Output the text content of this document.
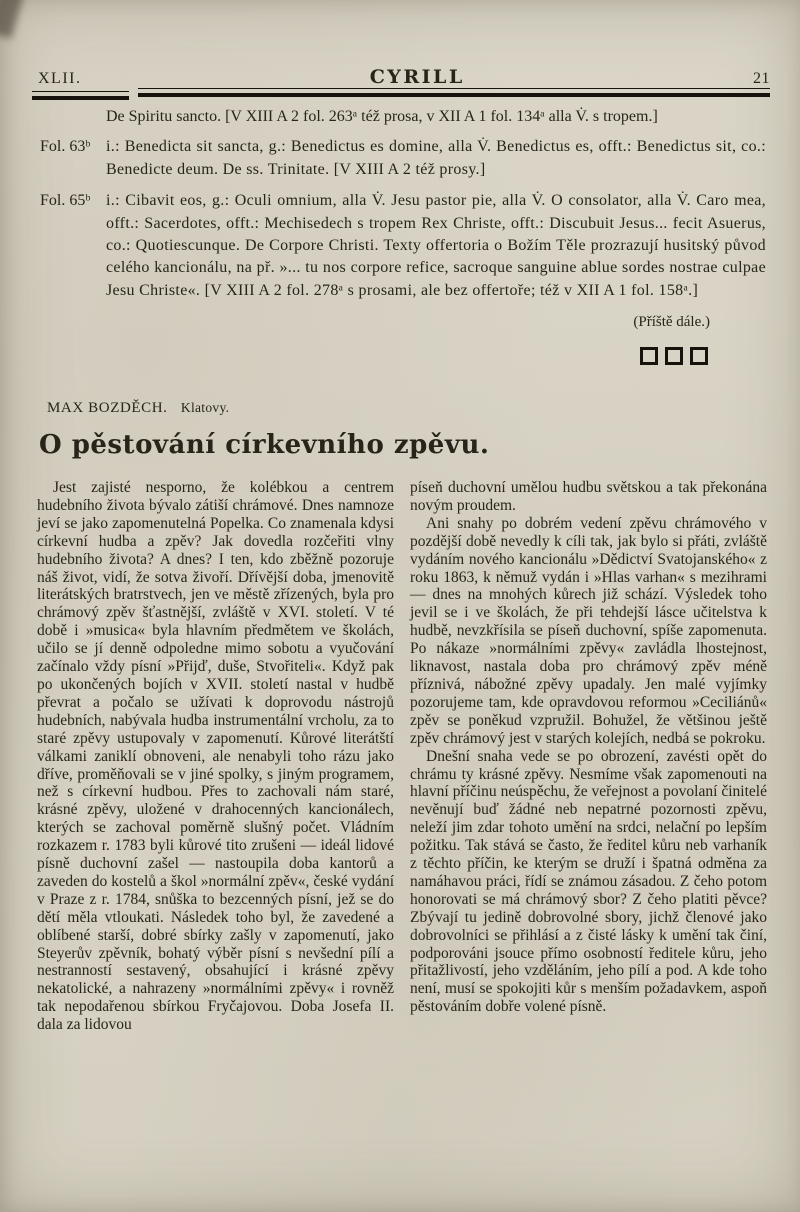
XLII.	CYRILL	21

De Spiritu sancto. [V XIII A 2 fol. 263ᵃ též prosa, v XII A 1 fol. 134ᵃ alla V̇. s tropem.]

Fol. 63ᵇ i.: Benedicta sit sancta, g.: Benedictus es domine, alla V̇. Benedictus es, offt.: Benedictus sit, co.: Benedicte deum. De ss. Trinitate. [V XIII A 2 též prosy.]

Fol. 65ᵇ i.: Cibavit eos, g.: Oculi omnium, alla V̇. Jesu pastor pie, alla V̇. O consolator, alla V̇. Caro mea, offt.: Sacerdotes, offt.: Mechisedech s tropem Rex Christe, offt.: Discubuit Jesus... fecit Asuerus, co.: Quotiescunque. De Corpore Christi. Texty offertoria o Božím Těle prozrazují husitský původ celého kancionálu, na př. »... tu nos corpore refice, sacroque sanguine ablue sordes nostrae culpae Jesu Christe«. [V XIII A 2 fol. 278ᵃ s prosami, ale bez offertoře; též v XII A 1 fol. 158ᵃ.]

(Příště dále.)
MAX BOZDĚCH. Klatovy.
O pěstování církevního zpěvu.

Jest zajisté nesporno, že kolébkou a centrem hudebního života bývalo zátiší chrámové. Dnes namnoze jeví se jako zapomenutelná Popelka. Co znamenala kdysi církevní hudba a zpěv? Jak dovedla rozčeřiti vlny hudebního života? A dnes? I ten, kdo zběžně pozoruje náš život, vidí, že sotva živoří. Dřívější doba, jmenovitě literátských bratrstvech, jen ve městě zřízených, byla pro chrámový zpěv šťastnější, zvláště v XVI. století. V té době i »musica« byla hlavním předmětem ve školách, učilo se jí denně odpoledne mimo sobotu a vyučování začínalo vždy písní »Přijď, duše, Stvořiteli«. Když pak po ukončených bojích v XVII. století nastal v hudbě převrat a počalo se užívati k doprovodu nástrojů hudebních, nabývala hudba instrumentální vrcholu, za to staré zpěvy ustupovaly v zapomenutí. Kůrové literátští válkami zaniklí obnoveni, ale nenabyli toho rázu jako dříve, proměňovali se v jiné spolky, s jiným programem, než s církevní hudbou. Přes to zachovali nám staré, krásné zpěvy, uložené v drahocenných kancionálech, kterých se zachoval poměrně slušný počet. Vládním rozkazem r. 1783 byli kůrové tito zrušeni — ideál lidové písně duchovní zašel — nastoupila doba kantorů a zaveden do kostelů a škol »normální zpěv«, české vydání v Praze z r. 1784, snůška to bezcenných písní, jež se do dětí měla vtloukati. Následek toho byl, že zavedené a oblíbené starší, dobré sbírky zašly v zapomenutí, jako Steyerův zpěvník, bohatý výběr písní s nevšední pílí a nestranností sestavený, obsahující i krásné zpěvy nekatolické, a nahrazeny »normálními zpěvy« i rovněž tak nepodařenou sbírkou Fryčajovou. Doba Josefa II. dala za lidovou

píseň duchovní umělou hudbu světskou a tak překonána novým proudem.

Ani snahy po dobrém vedení zpěvu chrámového v pozdější době nevedly k cíli tak, jak bylo si přáti, zvláště vydáním nového kancionálu »Dědictví Svatojanského« z roku 1863, k němuž vydán i »Hlas varhan« s mezihrami — dnes na mnohých kůrech již schází. Výsledek toho jevil se i ve školách, že při tehdejší lásce učitelstva k hudbě, nevzkřísila se píseň duchovní, spíše zapomenuta. Po nákaze »normálními zpěvy« zavládla lhostejnost, liknavost, nastala doba pro chrámový zpěv méně příznivá, nábožné zpěvy upadaly. Jen malé vyjímky pozorujeme tam, kde opravdovou reformou »Ceciliánů« zpěv se poněkud vzpružil. Bohužel, že většinou ještě zpěv chrámový jest v starých kolejích, nedbá se pokroku.

Dnešní snaha vede se po obrození, zavésti opět do chrámu ty krásné zpěvy. Nesmíme však zapomenouti na hlavní příčinu neúspěchu, že veřejnost a povolaní činitelé nevěnují buď žádné neb nepatrné pozornosti zpěvu, neleží jim zdar tohoto umění na srdci, nelační po lepším požitku. Tak stává se často, že ředitel kůru neb varhaník z těchto příčin, ke kterým se druží i špatná odměna za namáhavou práci, řídí se známou zásadou. Z čeho potom honorovati se má chrámový sbor? Z čeho platiti pěvce? Zbývají tu jedině dobrovolné sbory, jichž členové jako dobrovolníci se přihlásí a z čisté lásky k umění tak činí, podporováni jsouce přímo osobností ředitele kůru, jeho přitažlivostí, jeho vzděláním, jeho pílí a pod. A kde toho není, musí se spokojiti kůr s menším požadavkem, aspoň pěstováním dobře volené písně.
